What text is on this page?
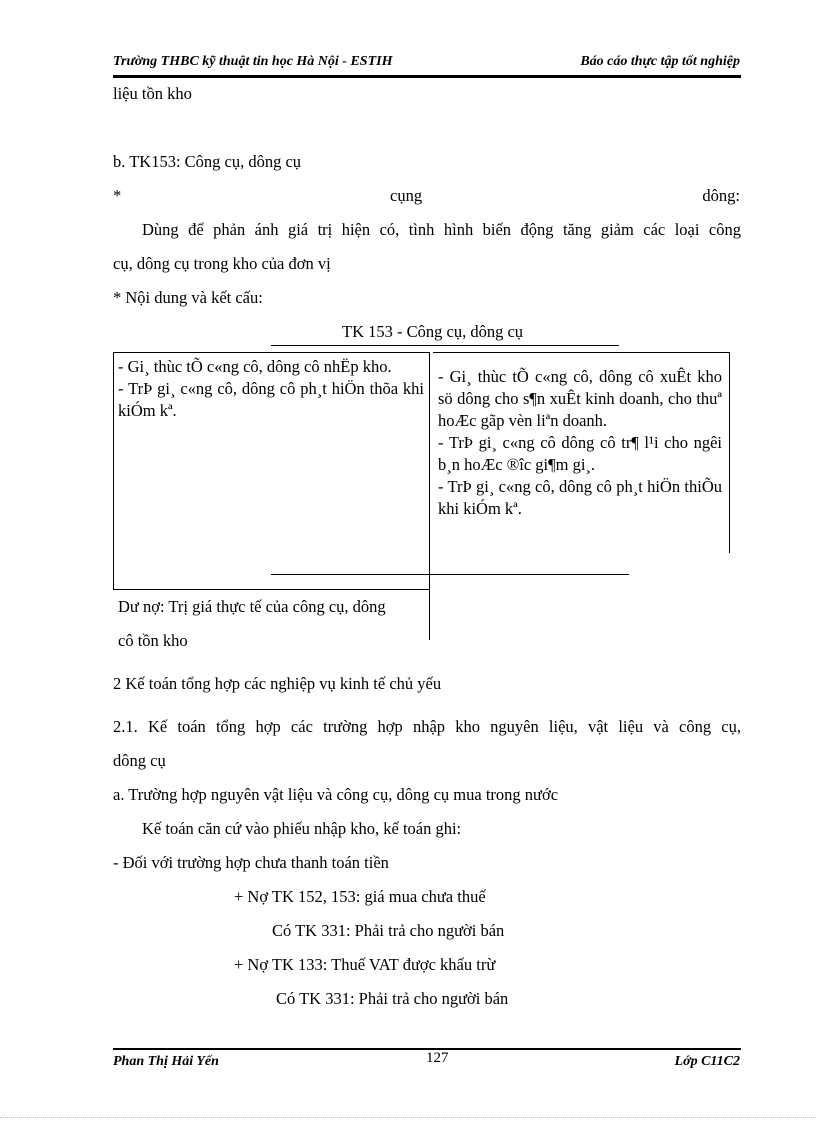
Trường THBC kỹ thuật tin học Hà Nội - ESTIH	Báo cáo thực tập tốt nghiệp
liệu tồn kho
b. TK153: Công cụ, dông cụ
*	cụng	dông:
Dùng để phản ánh giá trị hiện có, tình hình biến động tăng giảm các loại công
cụ, dông cụ trong kho của đơn vị
* Nội dung và kết cấu:
TK 153 - Công cụ, dông cụ
- Gi¸ thùc tÕ c«ng cô, dông cô nhËp kho.
- TrÞ gi¸ c«ng cô, dông cô ph¸t hiÖn thõa khi kiÓm kª.
- Gi¸ thùc tÕ c«ng cô, dông cô xuÊt kho sö dông cho s¶n xuÊt kinh doanh, cho thuª hoÆc gãp vèn liªn doanh.
- TrÞ gi¸ c«ng cô dông cô tr¶ l¹i cho ngêi b¸n hoÆc ®îc gi¶m gi¸.
- TrÞ gi¸ c«ng cô, dông cô ph¸t hiÖn thiÕu khi kiÓm kª.
Dư nợ: Trị giá thực tế của công cụ, dông
cô tồn kho
2 Kế toán tổng hợp các nghiệp vụ kinh tế chủ yếu
2.1. Kế toán tổng hợp các trường hợp nhập kho nguyên liệu, vật liệu và công cụ,
dông cụ
a. Trường hợp nguyên vật liệu và công cụ, dông cụ mua trong nước
Kế toán căn cứ vào phiếu nhập kho, kế toán ghi:
- Đối với trường hợp chưa thanh toán tiền
+ Nợ TK 152, 153: giá mua chưa thuế
Có TK 331: Phải trả cho người bán
+ Nợ TK 133: Thuế VAT được khấu trừ
Có TK 331: Phải trả cho người bán
Phan Thị Hải Yến	127	Lớp C11C2
